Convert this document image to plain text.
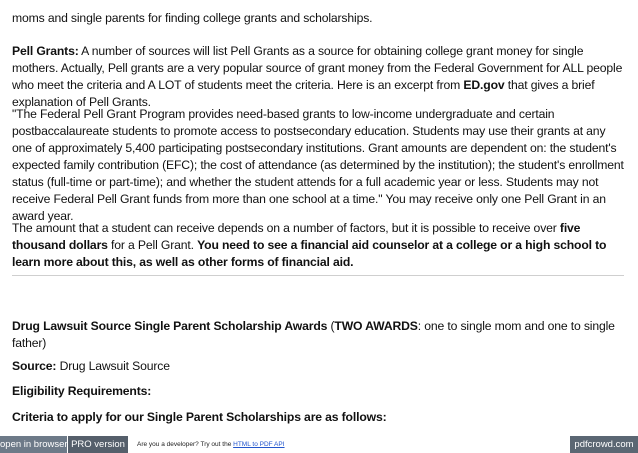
moms and single parents for finding college grants and scholarships.

Pell Grants: A number of sources will list Pell Grants as a source for obtaining college grant money for single mothers. Actually, Pell grants are a very popular source of grant money from the Federal Government for ALL people who meet the criteria and A LOT of students meet the criteria. Here is an excerpt from ED.gov that gives a brief explanation of Pell Grants.

"The Federal Pell Grant Program provides need-based grants to low-income undergraduate and certain postbaccalaureate students to promote access to postsecondary education. Students may use their grants at any one of approximately 5,400 participating postsecondary institutions. Grant amounts are dependent on: the student's expected family contribution (EFC); the cost of attendance (as determined by the institution); the student's enrollment status (full-time or part-time); and whether the student attends for a full academic year or less. Students may not receive Federal Pell Grant funds from more than one school at a time." You may receive only one Pell Grant in an award year.

The amount that a student can receive depends on a number of factors, but it is possible to receive over five thousand dollars for a Pell Grant. You need to see a financial aid counselor at a college or a high school to learn more about this, as well as other forms of financial aid.

Drug Lawsuit Source Single Parent Scholarship Awards (TWO AWARDS: one to single mom and one to single father)

Source: Drug Lawsuit Source

Eligibility Requirements:

Criteria to apply for our Single Parent Scholarships are as follows:

open in browser PRO version	Are you a developer? Try out the HTML to PDF API	pdfcrowd.com
